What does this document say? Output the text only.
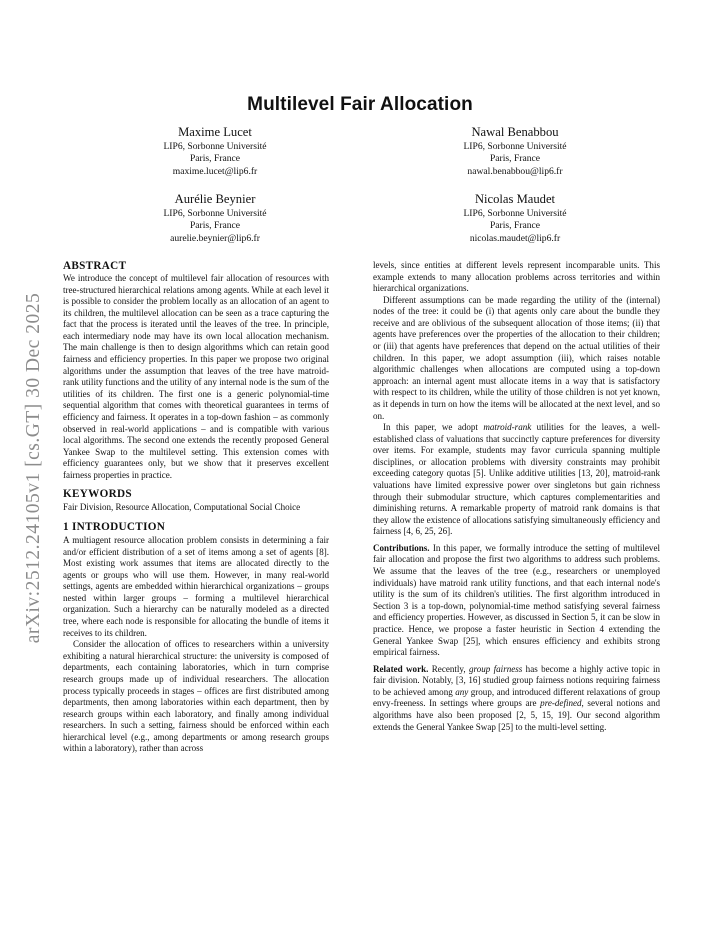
arXiv:2512.24105v1 [cs.GT] 30 Dec 2025
Multilevel Fair Allocation
Maxime Lucet
LIP6, Sorbonne Université
Paris, France
maxime.lucet@lip6.fr
Nawal Benabbou
LIP6, Sorbonne Université
Paris, France
nawal.benabbou@lip6.fr
Aurélie Beynier
LIP6, Sorbonne Université
Paris, France
aurelie.beynier@lip6.fr
Nicolas Maudet
LIP6, Sorbonne Université
Paris, France
nicolas.maudet@lip6.fr
ABSTRACT

We introduce the concept of multilevel fair allocation of resources with tree-structured hierarchical relations among agents. While at each level it is possible to consider the problem locally as an allocation of an agent to its children, the multilevel allocation can be seen as a trace capturing the fact that the process is iterated until the leaves of the tree. In principle, each intermediary node may have its own local allocation mechanism. The main challenge is then to design algorithms which can retain good fairness and efficiency properties. In this paper we propose two original algorithms under the assumption that leaves of the tree have matroid-rank utility functions and the utility of any internal node is the sum of the utilities of its children. The first one is a generic polynomial-time sequential algorithm that comes with theoretical guarantees in terms of efficiency and fairness. It operates in a top-down fashion – as commonly observed in real-world applications – and is compatible with various local algorithms. The second one extends the recently proposed General Yankee Swap to the multilevel setting. This extension comes with efficiency guarantees only, but we show that it preserves excellent fairness properties in practice.

KEYWORDS

Fair Division, Resource Allocation, Computational Social Choice

1 INTRODUCTION

A multiagent resource allocation problem consists in determining a fair and/or efficient distribution of a set of items among a set of agents [8]. Most existing work assumes that items are allocated directly to the agents or groups who will use them. However, in many real-world settings, agents are embedded within hierarchical organizations – groups nested within larger groups – forming a multilevel hierarchical organization. Such a hierarchy can be naturally modeled as a directed tree, where each node is responsible for allocating the bundle of items it receives to its children.

Consider the allocation of offices to researchers within a university exhibiting a natural hierarchical structure: the university is composed of departments, each containing laboratories, which in turn comprise research groups made up of individual researchers. The allocation process typically proceeds in stages – offices are first distributed among departments, then among laboratories within each department, then by research groups within each laboratory, and finally among individual researchers. In such a setting, fairness should be enforced within each hierarchical level (e.g., among departments or among research groups within a laboratory), rather than across

levels, since entities at different levels represent incomparable units. This example extends to many allocation problems across territories and within hierarchical organizations.

Different assumptions can be made regarding the utility of the (internal) nodes of the tree: it could be (i) that agents only care about the bundle they receive and are oblivious of the subsequent allocation of those items; (ii) that agents have preferences over the properties of the allocation to their children; or (iii) that agents have preferences that depend on the actual utilities of their children. In this paper, we adopt assumption (iii), which raises notable algorithmic challenges when allocations are computed using a top-down approach: an internal agent must allocate items in a way that is satisfactory with respect to its children, while the utility of those children is not yet known, as it depends in turn on how the items will be allocated at the next level, and so on.

In this paper, we adopt matroid-rank utilities for the leaves, a well-established class of valuations that succinctly capture preferences for diversity over items. For example, students may favor curricula spanning multiple disciplines, or allocation problems with diversity constraints may prohibit exceeding category quotas [5]. Unlike additive utilities [13, 20], matroid-rank valuations have limited expressive power over singletons but gain richness through their submodular structure, which captures complementarities and diminishing returns. A remarkable property of matroid rank domains is that they allow the existence of allocations satisfying simultaneously efficiency and fairness [4, 6, 25, 26].

Contributions. In this paper, we formally introduce the setting of multilevel fair allocation and propose the first two algorithms to address such problems. We assume that the leaves of the tree (e.g., researchers or unemployed individuals) have matroid rank utility functions, and that each internal node's utility is the sum of its children's utilities. The first algorithm introduced in Section 3 is a top-down, polynomial-time method satisfying several fairness and efficiency properties. However, as discussed in Section 5, it can be slow in practice. Hence, we propose a faster heuristic in Section 4 extending the General Yankee Swap [25], which ensures efficiency and exhibits strong empirical fairness.

Related work. Recently, group fairness has become a highly active topic in fair division. Notably, [3, 16] studied group fairness notions requiring fairness to be achieved among any group, and introduced different relaxations of group envy-freeness. In settings where groups are pre-defined, several notions and algorithms have also been proposed [2, 5, 15, 19]. Our second algorithm extends the General Yankee Swap [25] to the multi-level setting.
